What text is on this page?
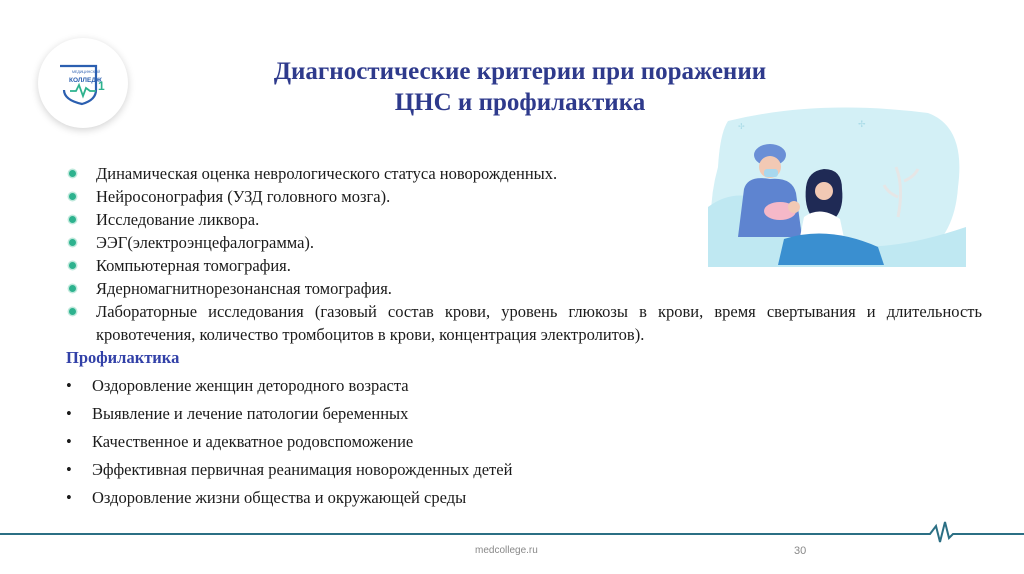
МЕДИЦИНСКИЙ
КОЛЛЕДЖ
1
Диагностические критерии при поражении
ЦНС и профилактика
✢
✢
Динамическая оценка неврологического статуса новорожденных.
Нейросонография (УЗД головного мозга).
Исследование ликвора.
ЭЭГ(электроэнцефалограмма).
Компьютерная томография.
Ядерномагнитнорезонансная томография.
Лабораторные исследования (газовый состав крови, уровень глюкозы в крови, время свертывания и длительность кровотечения, количество тромбоцитов в крови, концентрация электролитов).
Профилактика
• Оздоровление женщин детородного возраста
• Выявление и лечение патологии беременных
• Качественное и адекватное родовспоможение
• Эффективная первичная реанимация новорожденных детей
• Оздоровление жизни общества и окружающей среды
medcollege.ru	30
